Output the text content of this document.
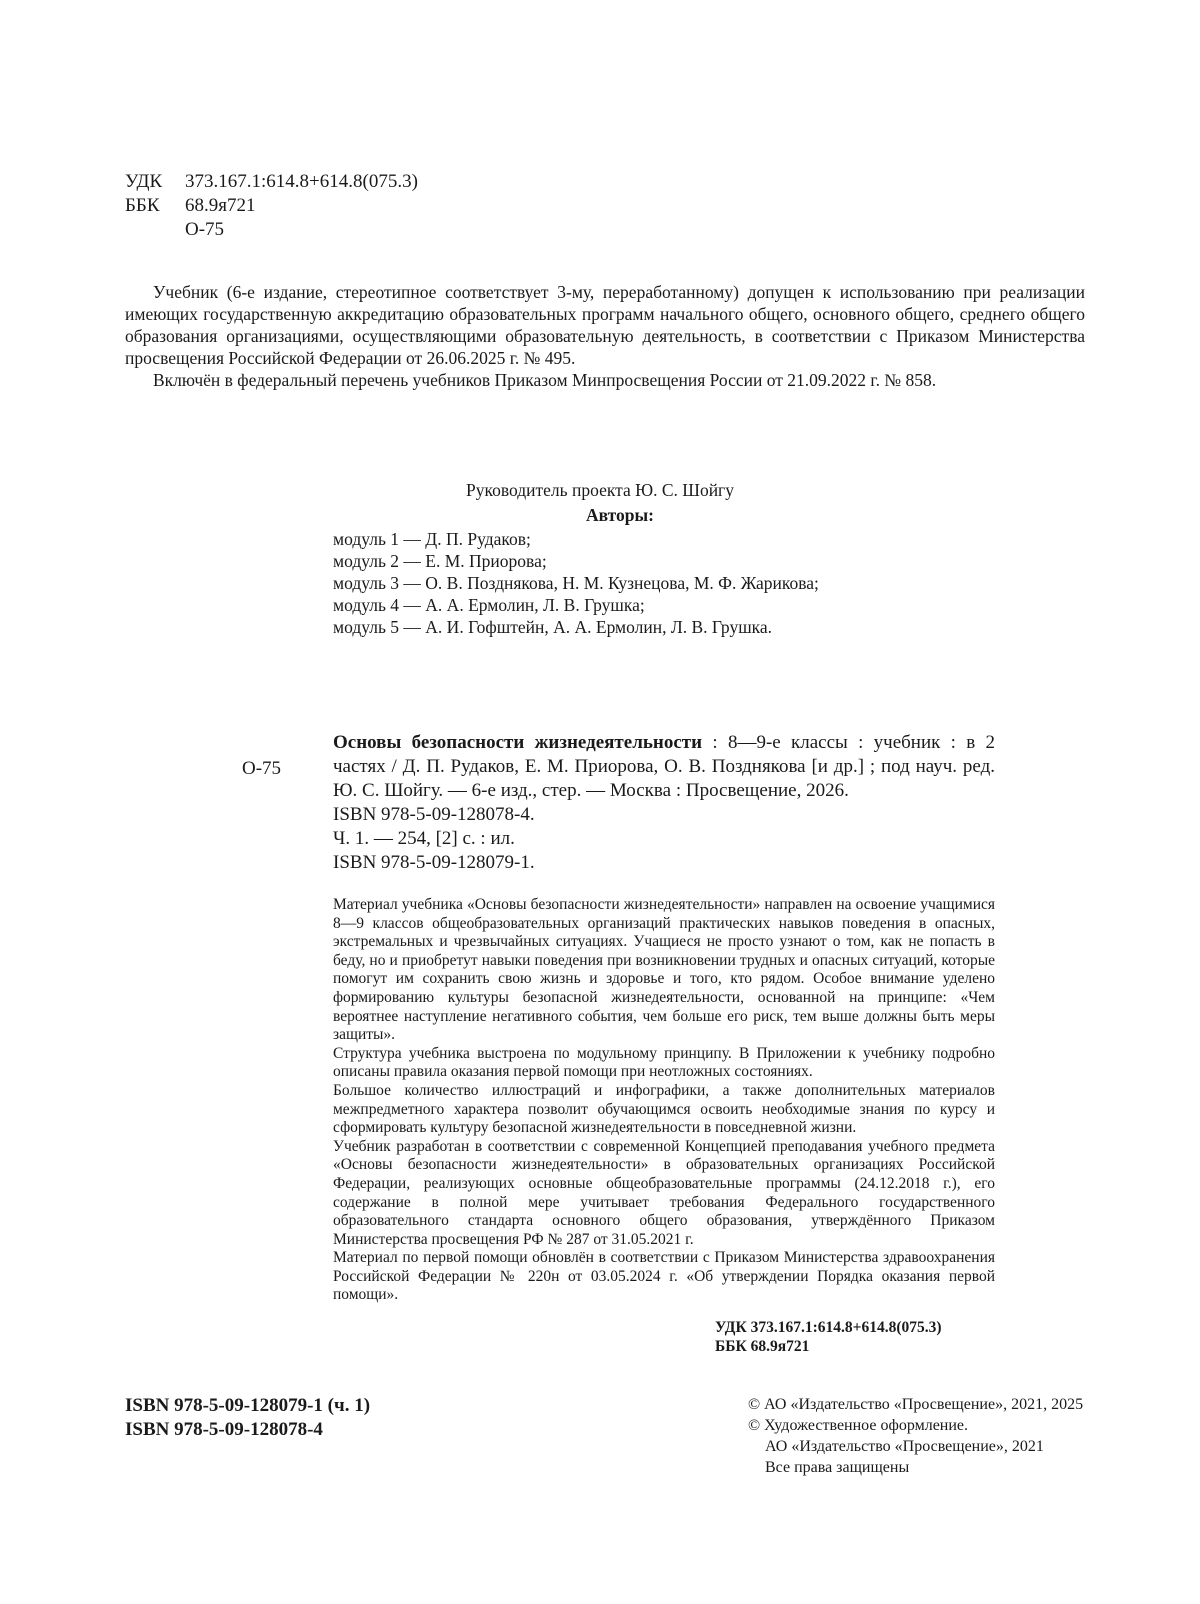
УДК	373.167.1:614.8+614.8(075.3)
ББК	68.9я721
О-75

Учебник (6-е издание, стереотипное соответствует 3-му, переработанному) допущен к использованию при реализации имеющих государственную аккредитацию образовательных программ начального общего, основного общего, среднего общего образования организациями, осуществляющими образовательную деятельность, в соответствии с Приказом Министерства просвещения Российской Федерации от 26.06.2025 г. № 495.

Включён в федеральный перечень учебников Приказом Минпросвещения России от 21.09.2022 г. № 858.

Руководитель проекта Ю. С. Шойгу
Авторы:
модуль 1 — Д. П. Рудаков;
модуль 2 — Е. М. Приорова;
модуль 3 — О. В. Позднякова, Н. М. Кузнецова, М. Ф. Жарикова;
модуль 4 — А. А. Ермолин, Л. В. Грушка;
модуль 5 — А. И. Гофштейн, А. А. Ермолин, Л. В. Грушка.
О-75

Основы безопасности жизнедеятельности : 8—9-е классы : учебник : в 2 частях / Д. П. Рудаков, Е. М. Приорова, О. В. Позднякова [и др.] ; под науч. ред. Ю. С. Шойгу. — 6-е изд., стер. — Москва : Просвещение, 2026.

ISBN 978-5-09-128078-4.

Ч. 1. — 254, [2] с. : ил.

ISBN 978-5-09-128079-1.

Материал учебника «Основы безопасности жизнедеятельности» направлен на освоение учащимися 8—9 классов общеобразовательных организаций практических навыков поведения в опасных, экстремальных и чрезвычайных ситуациях. Учащиеся не просто узнают о том, как не попасть в беду, но и приобретут навыки поведения при возникновении трудных и опасных ситуаций, которые помогут им сохранить свою жизнь и здоровье и того, кто рядом. Особое внимание уделено формированию культуры безопасной жизнедеятельности, основанной на принципе: «Чем вероятнее наступление негативного события, чем больше его риск, тем выше должны быть меры защиты».

Структура учебника выстроена по модульному принципу. В Приложении к учебнику подробно описаны правила оказания первой помощи при неотложных состояниях.

Большое количество иллюстраций и инфографики, а также дополнительных материалов межпредметного характера позволит обучающимся освоить необходимые знания по курсу и сформировать культуру безопасной жизнедеятельности в повседневной жизни.

Учебник разработан в соответствии с современной Концепцией преподавания учебного предмета «Основы безопасности жизнедеятельности» в образовательных организациях Российской Федерации, реализующих основные общеобразовательные программы (24.12.2018 г.), его содержание в полной мере учитывает требования Федерального государственного образовательного стандарта основного общего образования, утверждённого Приказом Министерства просвещения РФ № 287 от 31.05.2021 г.

Материал по первой помощи обновлён в соответствии с Приказом Министерства здравоохранения Российской Федерации № 220н от 03.05.2024 г. «Об утверждении Порядка оказания первой помощи».

УДК 373.167.1:614.8+614.8(075.3)
ББК 68.9я721
ISBN 978-5-09-128079-1 (ч. 1)
ISBN 978-5-09-128078-4
© АО «Издательство «Просвещение», 2021, 2025
© Художественное оформление.
АО «Издательство «Просвещение», 2021
Все права защищены
